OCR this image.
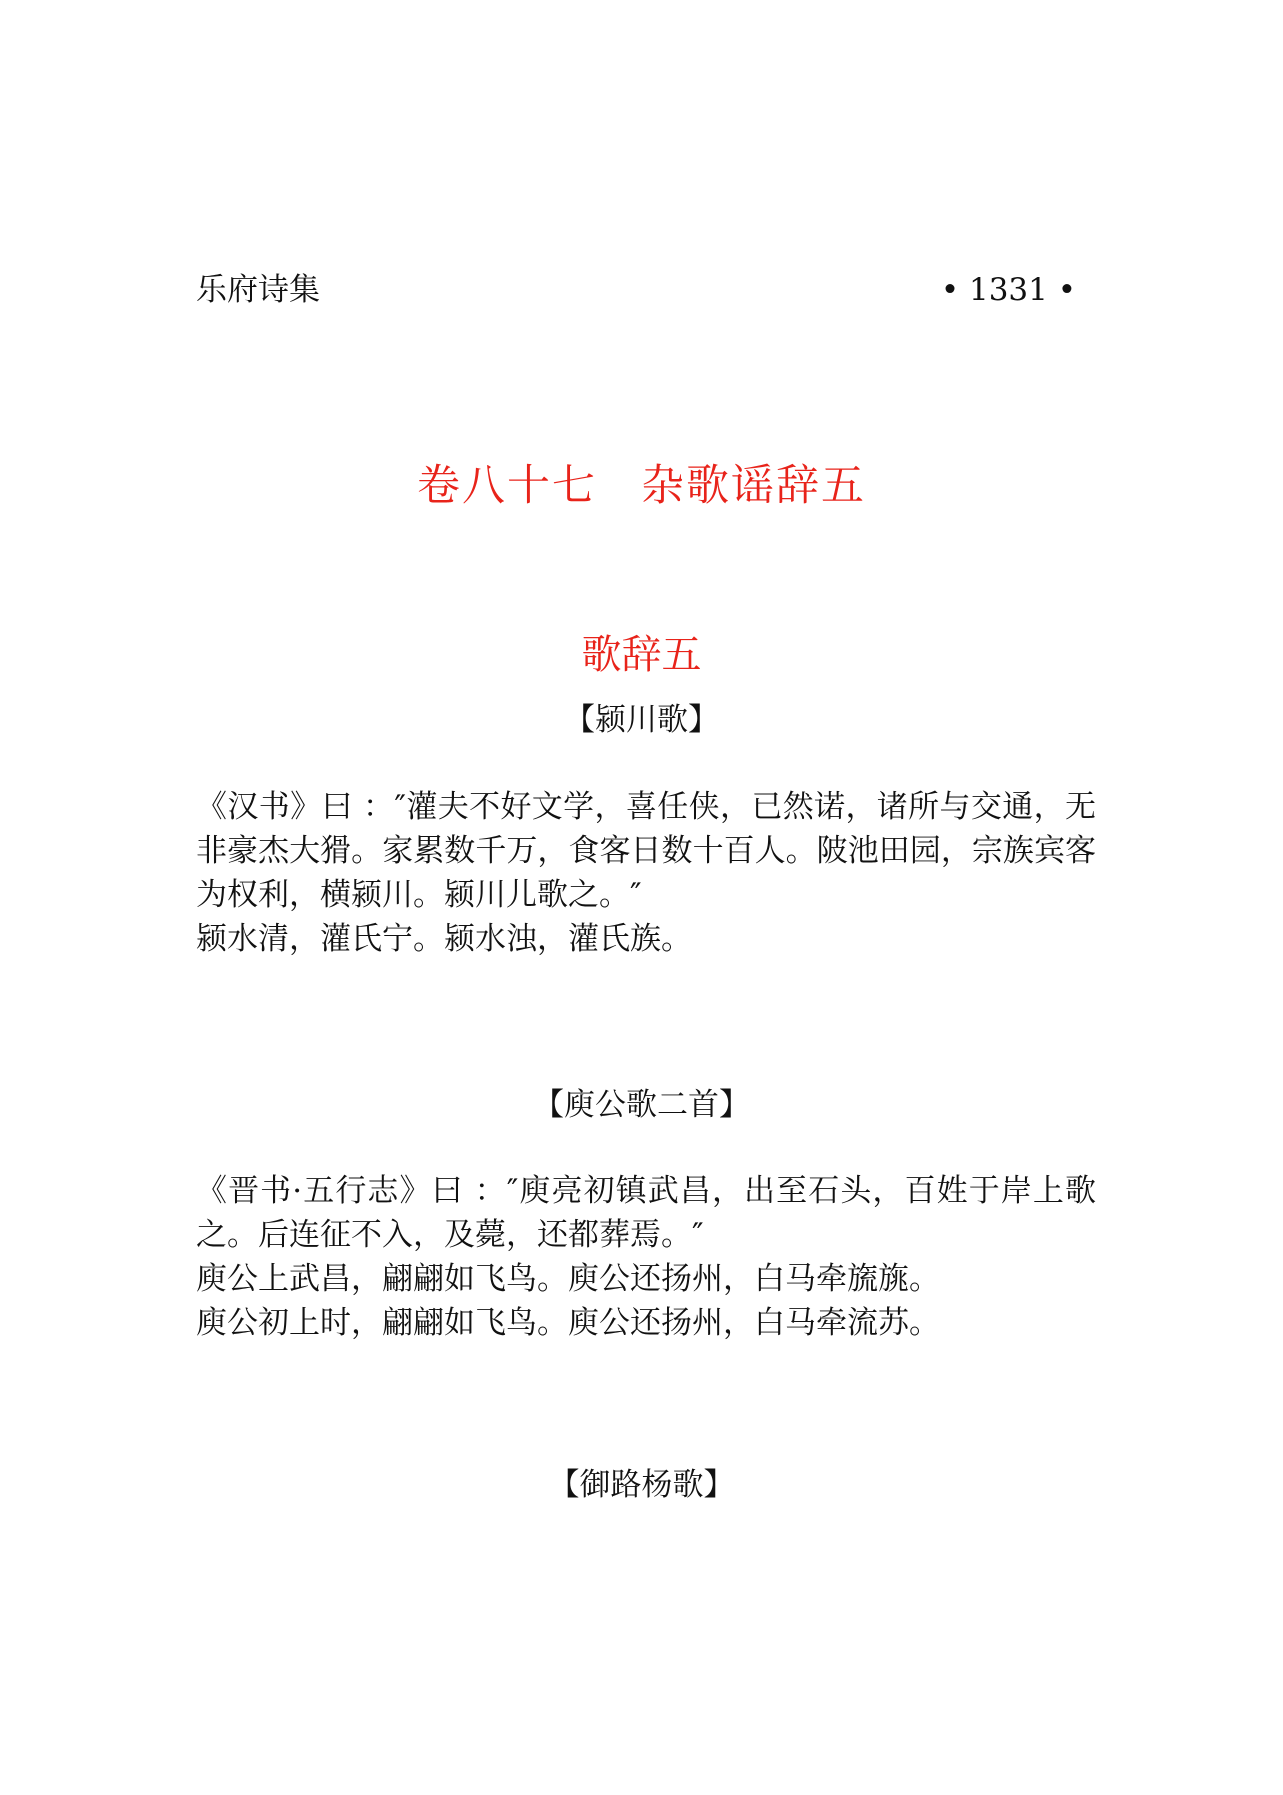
乐府诗集	• 1331 •
卷八十七 杂歌谣辞五
歌辞五
【颍川歌】

《汉书》曰 ：″灌夫不好文学，喜任侠，已然诺，诸所与交通，无非豪杰大猾。家累数千万，食客日数十百人。陂池田园，宗族宾客为权利，横颍川。颍川儿歌之。″

颍水清，灌氏宁。颍水浊，灌氏族。

【庾公歌二首】

《晋书·五行志》曰 ：″庾亮初镇武昌，出至石头，百姓于岸上歌之。后连征不入，及薨，还都葬焉。″

庾公上武昌，翩翩如飞鸟。庾公还扬州，白马牵旒旐。

庾公初上时，翩翩如飞鸟。庾公还扬州，白马牵流苏。

【御路杨歌】
